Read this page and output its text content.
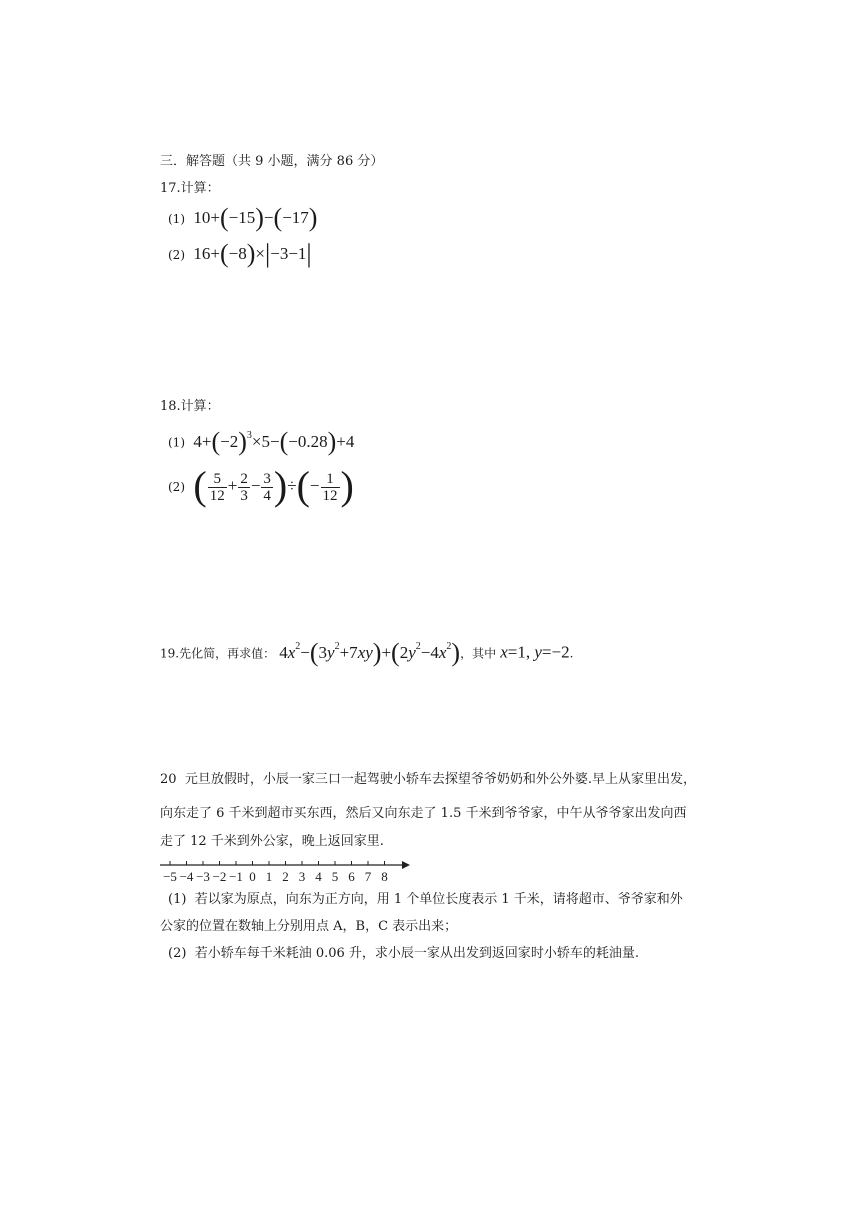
三．解答题（共 9 小题，满分 86 分）
17.计算：
(1)  10+(−15)−(−17)
(2)  16+(−8)×|−3−1|
18.计算：
(1)  $4+(-2)^3\times 5-(-0.28)+4$
(2) ( $\frac{5}{12} + \frac{2}{3} - \frac{3}{4}$ )÷(− $\frac{1}{12}$ )
19.先化简，再求值： $4x^2-(3y^2+7xy)+(2y^2-4x^2)$，其中 x=1, y=−2.
20 元旦放假时，小辰一家三口一起驾驶小轿车去探望爷爷奶奶和外公外婆.早上从家里出发，
向东走了 6 千米到超市买东西，然后又向东走了 1.5 千米到爷爷家，中午从爷爷家出发向西
走了 12 千米到外公家，晚上返回家里.
−5 −4 −3 −2 −1 0 1 2 3 4 5 6 7 8
(1) 若以家为原点，向东为正方向，用 1 个单位长度表示 1 千米，请将超市、爷爷家和外
公家的位置在数轴上分别用点 A，B，C 表示出来；
(2) 若小轿车每千米耗油 0.06 升，求小辰一家从出发到返回家时小轿车的耗油量.
